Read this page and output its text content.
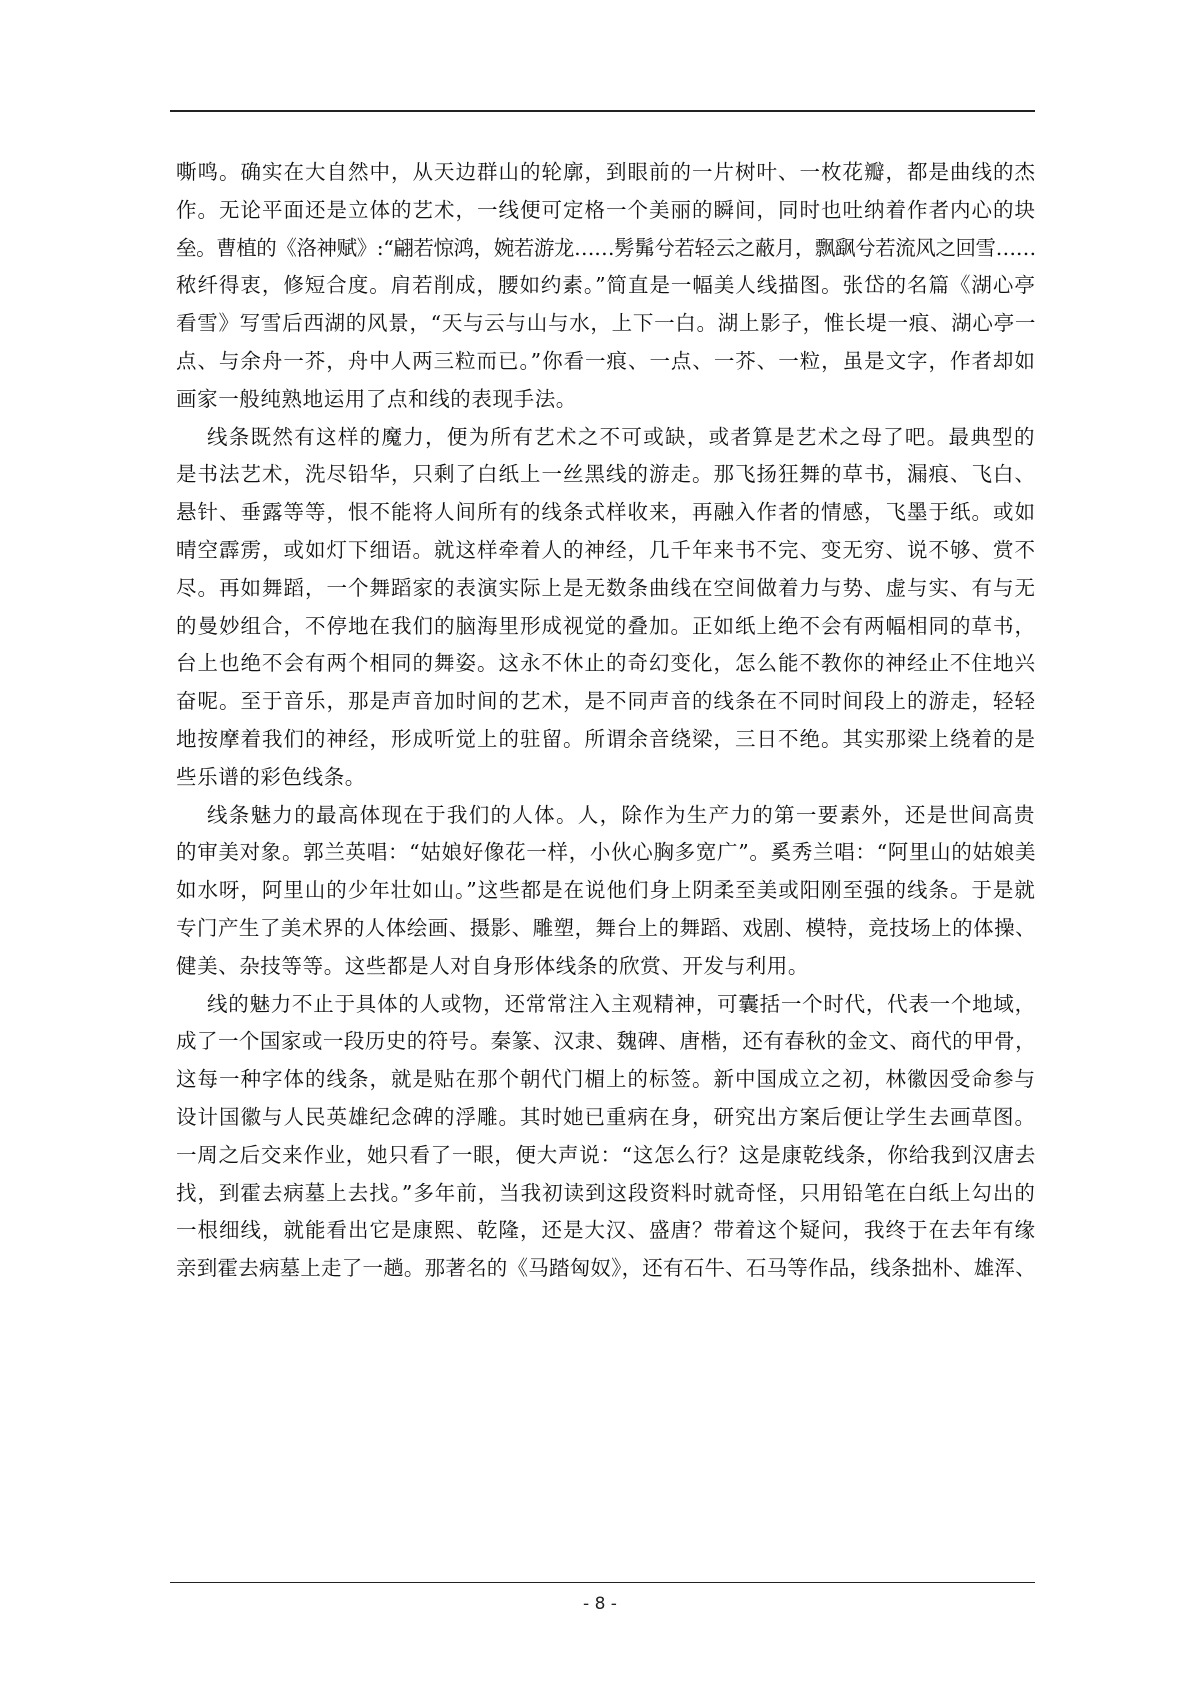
嘶鸣。确实在大自然中，从天边群山的轮廓，到眼前的一片树叶、一枚花瓣，都是曲线的杰
作。无论平面还是立体的艺术，一线便可定格一个美丽的瞬间，同时也吐纳着作者内心的块
垒。曹植的《洛神赋》:“翩若惊鸿，婉若游龙……髣髴兮若轻云之蔽月，飘飖兮若流风之回雪……
秾纤得衷，修短合度。肩若削成，腰如约素。”简直是一幅美人线描图。张岱的名篇《湖心亭
看雪》写雪后西湖的风景，“天与云与山与水，上下一白。湖上影子，惟长堤一痕、湖心亭一
点、与余舟一芥，舟中人两三粒而已。”你看一痕、一点、一芥、一粒，虽是文字，作者却如
画家一般纯熟地运用了点和线的表现手法。
线条既然有这样的魔力，便为所有艺术之不可或缺，或者算是艺术之母了吧。最典型的
是书法艺术，洗尽铅华，只剩了白纸上一丝黑线的游走。那飞扬狂舞的草书，漏痕、飞白、
悬针、垂露等等，恨不能将人间所有的线条式样收来，再融入作者的情感，飞墨于纸。或如
晴空霹雳，或如灯下细语。就这样牵着人的神经，几千年来书不完、变无穷、说不够、赏不
尽。再如舞蹈，一个舞蹈家的表演实际上是无数条曲线在空间做着力与势、虚与实、有与无
的曼妙组合，不停地在我们的脑海里形成视觉的叠加。正如纸上绝不会有两幅相同的草书，
台上也绝不会有两个相同的舞姿。这永不休止的奇幻变化，怎么能不教你的神经止不住地兴
奋呢。至于音乐，那是声音加时间的艺术，是不同声音的线条在不同时间段上的游走，轻轻
地按摩着我们的神经，形成听觉上的驻留。所谓余音绕梁，三日不绝。其实那梁上绕着的是
些乐谱的彩色线条。
线条魅力的最高体现在于我们的人体。人，除作为生产力的第一要素外，还是世间高贵
的审美对象。郭兰英唱：“姑娘好像花一样，小伙心胸多宽广”。奚秀兰唱：“阿里山的姑娘美
如水呀，阿里山的少年壮如山。”这些都是在说他们身上阴柔至美或阳刚至强的线条。于是就
专门产生了美术界的人体绘画、摄影、雕塑，舞台上的舞蹈、戏剧、模特，竞技场上的体操、
健美、杂技等等。这些都是人对自身形体线条的欣赏、开发与利用。
线的魅力不止于具体的人或物，还常常注入主观精神，可囊括一个时代，代表一个地域，
成了一个国家或一段历史的符号。秦篆、汉隶、魏碑、唐楷，还有春秋的金文、商代的甲骨，
这每一种字体的线条，就是贴在那个朝代门楣上的标签。新中国成立之初，林徽因受命参与
设计国徽与人民英雄纪念碑的浮雕。其时她已重病在身，研究出方案后便让学生去画草图。
一周之后交来作业，她只看了一眼，便大声说：“这怎么行？这是康乾线条，你给我到汉唐去
找，到霍去病墓上去找。”多年前，当我初读到这段资料时就奇怪，只用铅笔在白纸上勾出的
一根细线，就能看出它是康熙、乾隆，还是大汉、盛唐？带着这个疑问，我终于在去年有缘
亲到霍去病墓上走了一趟。那著名的《马踏匈奴》，还有石牛、石马等作品，线条拙朴、雄浑、
- 8 -
